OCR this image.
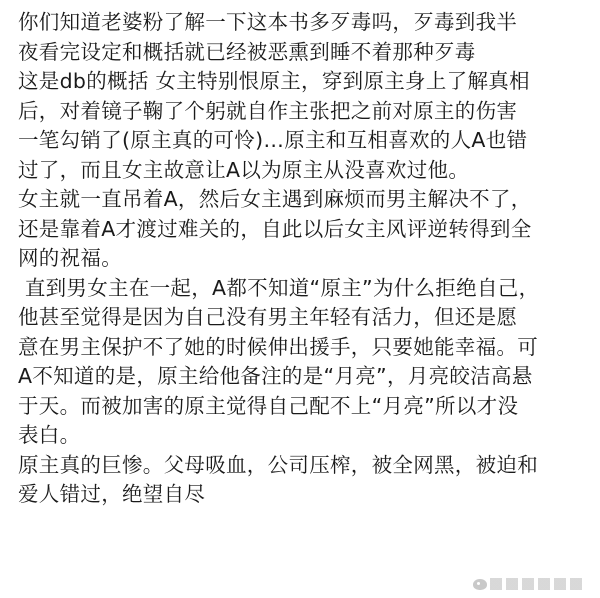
你们知道老婆粉了解一下这本书多歹毒吗，歹毒到我半
夜看完设定和概括就已经被恶熏到睡不着那种歹毒
这是db的概括 女主特别恨原主，穿到原主身上了解真相
后，对着镜子鞠了个躬就自作主张把之前对原主的伤害
一笔勾销了(原主真的可怜)…原主和互相喜欢的人A也错
过了，而且女主故意让A以为原主从没喜欢过他。
女主就一直吊着A，然后女主遇到麻烦而男主解决不了，
还是靠着A才渡过难关的，自此以后女主风评逆转得到全
网的祝福。
直到男女主在一起，A都不知道“原主”为什么拒绝自己，
他甚至觉得是因为自己没有男主年轻有活力，但还是愿
意在男主保护不了她的时候伸出援手，只要她能幸福。可
A不知道的是，原主给他备注的是“月亮”，月亮皎洁高悬
于天。而被加害的原主觉得自己配不上“月亮”所以才没
表白。
原主真的巨惨。父母吸血，公司压榨，被全网黑，被迫和
爱人错过，绝望自尽
